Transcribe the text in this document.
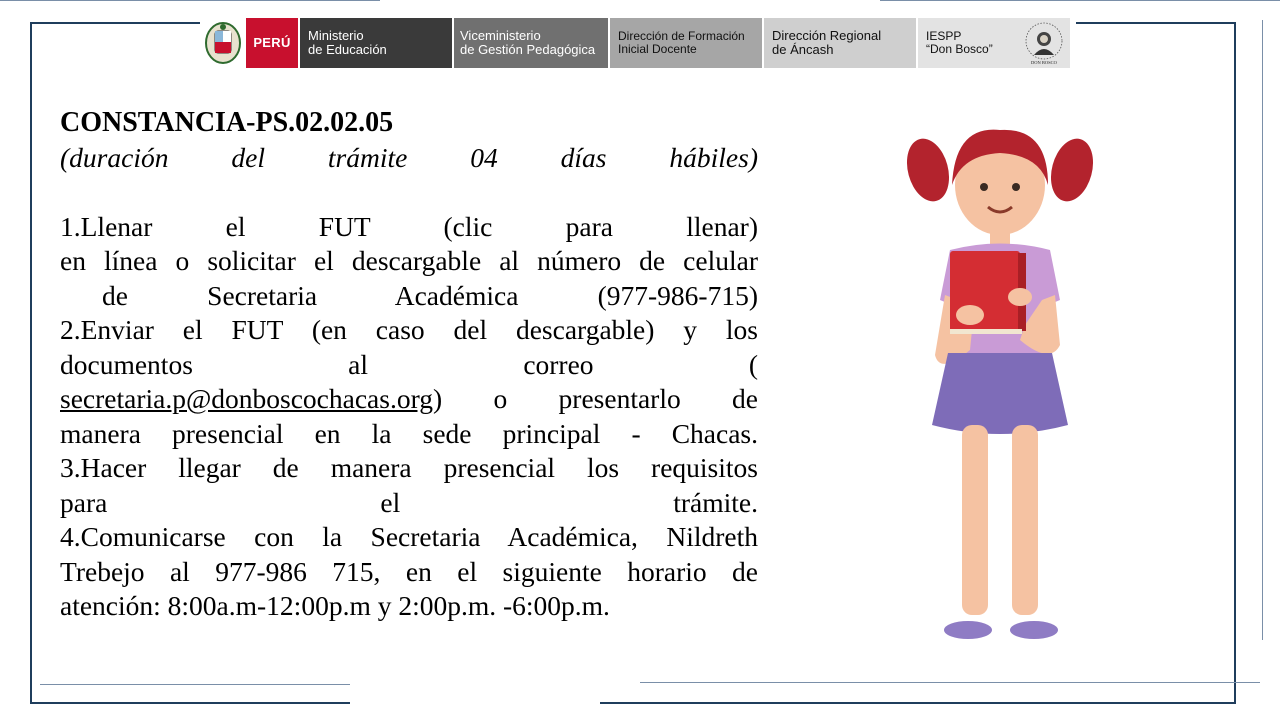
PERÚ	Ministerio
de Educación
Viceministerio
de Gestión Pedagógica
Dirección de Formación
Inicial Docente
Dirección Regional
de Áncash
IESPP
“Don Bosco”
DON BOSCO
CONSTANCIA-PS.02.02.05
(duración del trámite 04 días hábiles)
1.Llenar el FUT (clic para llenar)
en línea o solicitar el descargable al número de celular
de Secretaria Académica (977-986-715)
2.Enviar el FUT (en caso del descargable) y los
documentos al correo (
secretaria.p@donboscochacas.org) o presentarlo de
manera presencial en la sede principal - Chacas.
3.Hacer llegar de manera presencial los requisitos
para el trámite.
4.Comunicarse con la Secretaria Académica, Nildreth
Trebejo al 977-986 715, en el siguiente horario de
atención: 8:00a.m-12:00p.m y 2:00p.m. -6:00p.m.
